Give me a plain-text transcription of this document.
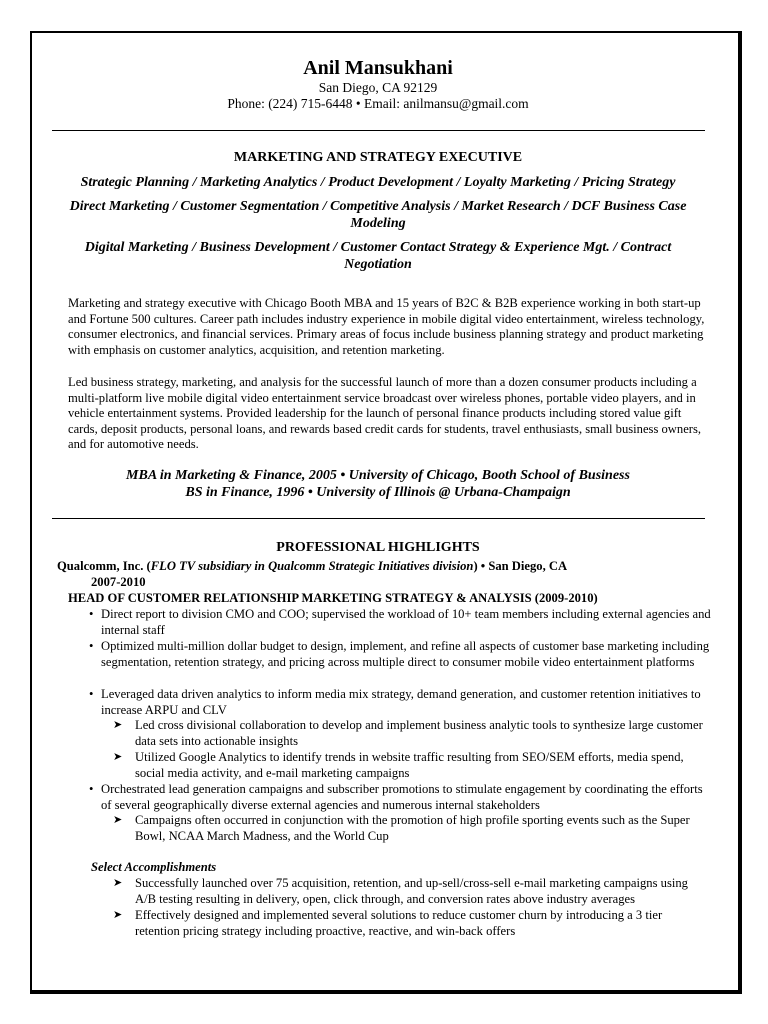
Anil Mansukhani
San Diego, CA 92129
Phone: (224) 715-6448 • Email: anilmansu@gmail.com
MARKETING AND STRATEGY EXECUTIVE
Strategic Planning / Marketing Analytics / Product Development / Loyalty Marketing / Pricing Strategy
Direct Marketing / Customer Segmentation / Competitive Analysis / Market Research / DCF Business Case
Modeling
Digital Marketing / Business Development / Customer Contact Strategy & Experience Mgt. / Contract
Negotiation
Marketing and strategy executive with Chicago Booth MBA and 15 years of B2C & B2B experience working in both start-up and Fortune 500 cultures. Career path includes industry experience in mobile digital video entertainment, wireless technology, consumer electronics, and financial services. Primary areas of focus include business planning strategy and product marketing with emphasis on customer analytics, acquisition, and retention marketing.
Led business strategy, marketing, and analysis for the successful launch of more than a dozen consumer products including a multi-platform live mobile digital video entertainment service broadcast over wireless phones, portable video players, and in vehicle entertainment systems. Provided leadership for the launch of personal finance products including stored value gift cards, deposit products, personal loans, and rewards based credit cards for students, travel enthusiasts, small business owners, and for automotive needs.
MBA in Marketing & Finance, 2005 • University of Chicago, Booth School of Business
BS in Finance, 1996 • University of Illinois @ Urbana-Champaign
PROFESSIONAL HIGHLIGHTS
Qualcomm, Inc. (FLO TV subsidiary in Qualcomm Strategic Initiatives division) • San Diego, CA
2007-2010
HEAD OF CUSTOMER RELATIONSHIP MARKETING STRATEGY & ANALYSIS (2009-2010)
• Direct report to division CMO and COO; supervised the workload of 10+ team members including external agencies and internal staff
• Optimized multi-million dollar budget to design, implement, and refine all aspects of customer base marketing including segmentation, retention strategy, and pricing across multiple direct to consumer mobile video entertainment platforms
• Leveraged data driven analytics to inform media mix strategy, demand generation, and customer retention initiatives to increase ARPU and CLV
➤ Led cross divisional collaboration to develop and implement business analytic tools to synthesize large customer data sets into actionable insights
➤ Utilized Google Analytics to identify trends in website traffic resulting from SEO/SEM efforts, media spend, social media activity, and e-mail marketing campaigns
• Orchestrated lead generation campaigns and subscriber promotions to stimulate engagement by coordinating the efforts of several geographically diverse external agencies and numerous internal stakeholders
➤ Campaigns often occurred in conjunction with the promotion of high profile sporting events such as the Super Bowl, NCAA March Madness, and the World Cup
Select Accomplishments
➤ Successfully launched over 75 acquisition, retention, and up-sell/cross-sell e-mail marketing campaigns using A/B testing resulting in delivery, open, click through, and conversion rates above industry averages
➤ Effectively designed and implemented several solutions to reduce customer churn by introducing a 3 tier retention pricing strategy including proactive, reactive, and win-back offers
